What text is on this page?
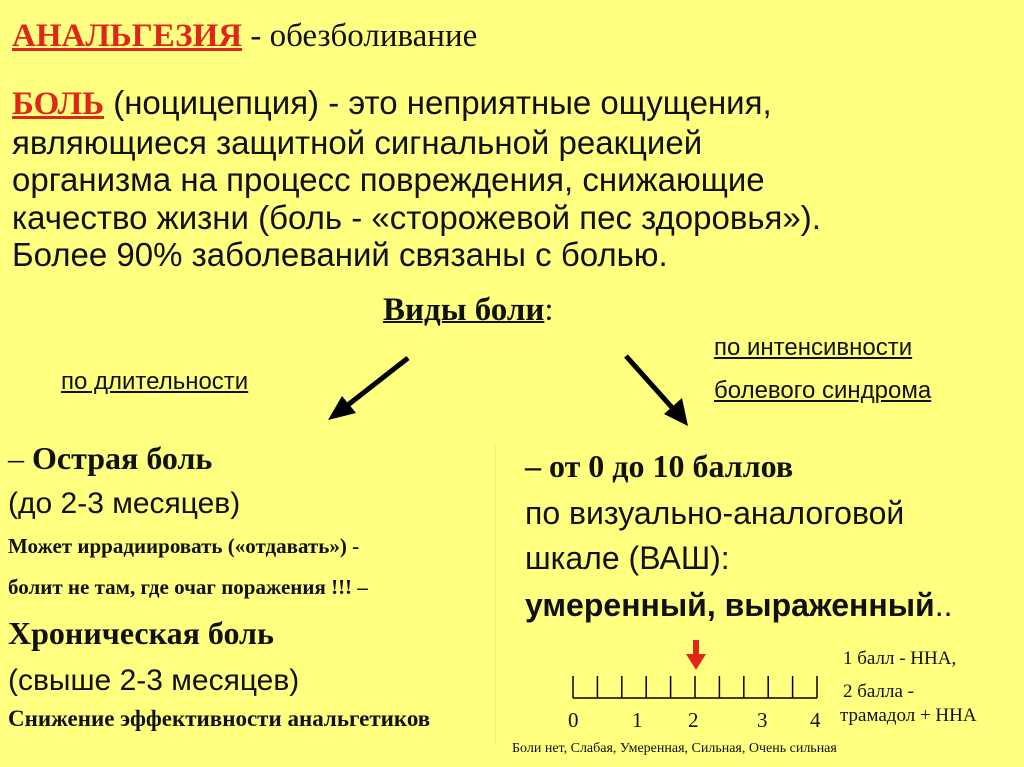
АНАЛЬГЕЗИЯ - обезболивание
БОЛЬ (ноцицепция) - это неприятные ощущения,
являющиеся защитной сигнальной реакцией
организма на процесс повреждения, снижающие
качество жизни (боль - «сторожевой пес здоровья»).
Более 90% заболеваний связаны с болью.
Виды боли:
по длительности
по интенсивности
болевого синдрома
– Острая боль
(до 2-3 месяцев)
Может иррадиировать («отдавать») -
болит не там, где очаг поражения !!! –
Хроническая боль
(свыше 2-3 месяцев)
Снижение эффективности анальгетиков
– от 0 до 10 баллов
по визуально-аналоговой
шкале (ВАШ):
умеренный, выраженный..
0	1 2	3 4
1 балл - ННА,
2 балла -
трамадол + ННА
Боли нет, Слабая, Умеренная, Сильная, Очень сильная
